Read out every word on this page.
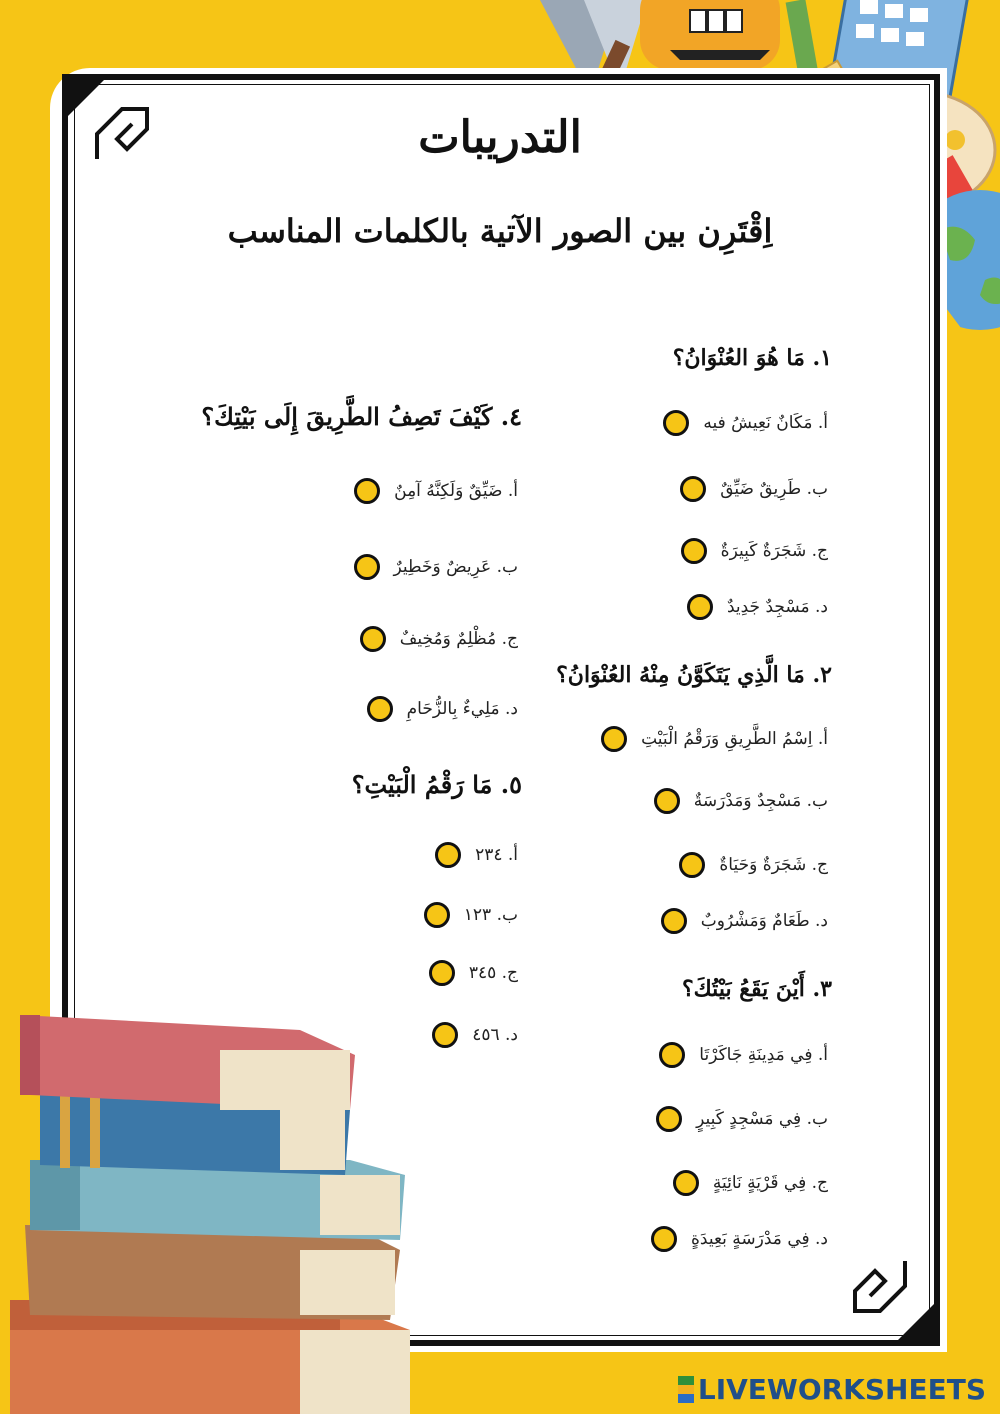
التدريبات
اِقْتَرِن بين الصور الآتية بالكلمات المناسب
١. مَا هُوَ العُنْوَانُ؟
أ. مَكَانٌ نَعِيشُ فيه
ب. طَرِيقٌ ضَيِّقٌ
ج. شَجَرَةٌ كَبِيرَةٌ
د. مَسْجِدٌ جَدِيدٌ
٢. مَا الَّذِي يَتَكَوَّنُ مِنْهُ العُنْوَانُ؟
أ. اِسْمُ الطَّرِيقِ وَرَقْمُ الْبَيْتِ
ب. مَسْجِدٌ وَمَدْرَسَةٌ
ج. شَجَرَةٌ وَحَيَاةٌ
د. طَعَامٌ وَمَشْرُوبٌ
٣. أَيْنَ يَقَعُ بَيْتُكَ؟
أ. فِي مَدِينَةِ جَاكَرْتَا
ب. فِي مَسْجِدٍ كَبِيرٍ
ج. فِي قَرْيَةٍ نَائِيَةٍ
د. فِي مَدْرَسَةٍ بَعِيدَةٍ
٤. كَيْفَ تَصِفُ الطَّرِيقَ إِلَى بَيْتِكَ؟
أ. ضَيِّقٌ وَلَكِنَّهُ آمِنٌ
ب. عَرِيضٌ وَخَطِيرٌ
ج. مُظْلِمٌ وَمُخِيفٌ
د. مَلِيءٌ بِالزُّحَامِ
٥. مَا رَقْمُ الْبَيْتِ؟
أ. ٢٣٤
ب. ١٢٣
ج. ٣٤٥
د. ٤٥٦
LIVEWORKSHEETS
